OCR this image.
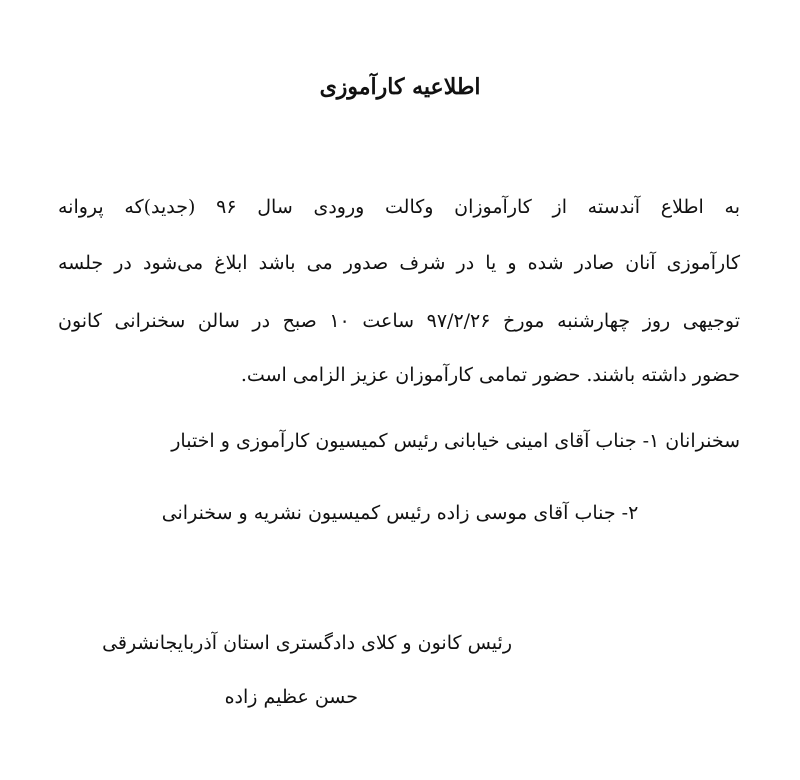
اطلاعیه کارآموزی

به اطلاع آندسته از کارآموزان وکالت ورودی سال ۹۶ (جدید)که پروانه

کارآموزی آنان صادر شده و یا در شرف صدور می باشد ابلاغ می‌شود در جلسه

توجیهی روز چهارشنبه مورخ ۹۷/۲/۲۶ ساعت ۱۰ صبح در سالن سخنرانی کانون

حضور داشته باشند. حضور تمامی کارآموزان عزیز الزامی است.

سخنرانان ۱- جناب آقای امینی خیابانی رئیس کمیسیون کارآموزی و اختبار

۲- جناب آقای موسی زاده رئیس کمیسیون نشریه و سخنرانی

رئیس کانون و کلای دادگستری استان آذربایجانشرقی

حسن عظیم زاده
